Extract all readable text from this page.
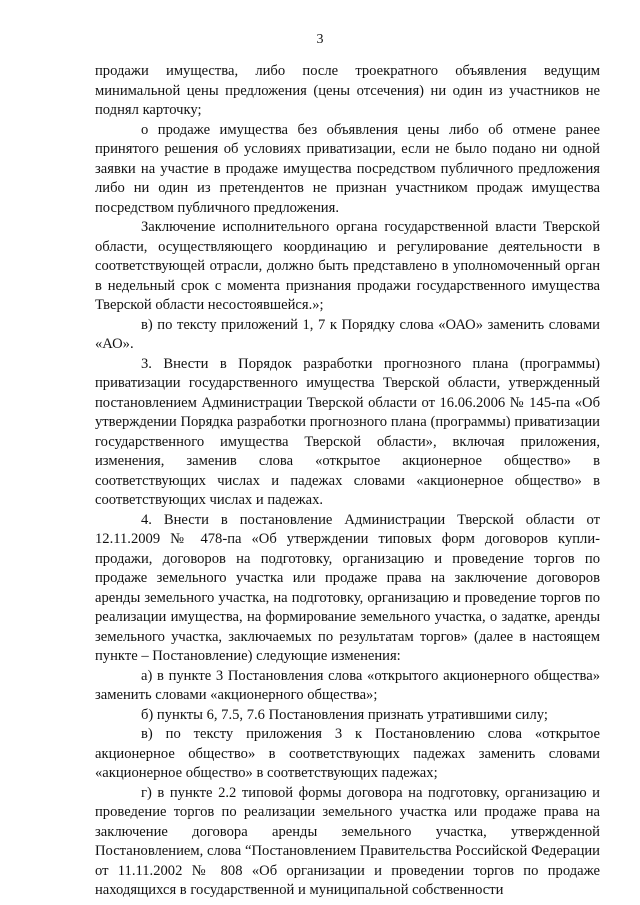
3

продажи имущества, либо после троекратного объявления ведущим минимальной цены предложения (цены отсечения) ни один из участников не поднял карточку;

о продаже имущества без объявления цены либо об отмене ранее принятого решения об условиях приватизации, если не было подано ни одной заявки на участие в продаже имущества посредством публичного предложения либо ни один из претендентов не признан участником продаж имущества посредством публичного предложения.

Заключение исполнительного органа государственной власти Тверской области, осуществляющего координацию и регулирование деятельности в соответствующей отрасли, должно быть представлено в уполномоченный орган в недельный срок с момента признания продажи государственного имущества Тверской области несостоявшейся.»;

в) по тексту приложений 1, 7 к Порядку слова «ОАО» заменить словами «АО».

3. Внести в Порядок разработки прогнозного плана (программы) приватизации государственного имущества Тверской области, утвержденный постановлением Администрации Тверской области от 16.06.2006 № 145-па «Об утверждении Порядка разработки прогнозного плана (программы) приватизации государственного имущества Тверской области», включая приложения, изменения, заменив слова «открытое акционерное общество» в соответствующих числах и падежах словами «акционерное общество» в соответствующих числах и падежах.

4. Внести в постановление Администрации Тверской области от 12.11.2009 № 478-па «Об утверждении типовых форм договоров купли-продажи, договоров на подготовку, организацию и проведение торгов по продаже земельного участка или продаже права на заключение договоров аренды земельного участка, на подготовку, организацию и проведение торгов по реализации имущества, на формирование земельного участка, о задатке, аренды земельного участка, заключаемых по результатам торгов» (далее в настоящем пункте – Постановление) следующие изменения:

а) в пункте 3 Постановления слова «открытого акционерного общества» заменить словами «акционерного общества»;

б) пункты 6, 7.5, 7.6 Постановления признать утратившими силу;

в) по тексту приложения 3 к Постановлению слова «открытое акционерное общество» в соответствующих падежах заменить словами «акционерное общество» в соответствующих падежах;

г) в пункте 2.2 типовой формы договора на подготовку, организацию и проведение торгов по реализации земельного участка или продаже права на заключение договора аренды земельного участка, утвержденной Постановлением, слова “Постановлением Правительства Российской Федерации от 11.11.2002 № 808 «Об организации и проведении торгов по продаже находящихся в государственной и муниципальной собственности
